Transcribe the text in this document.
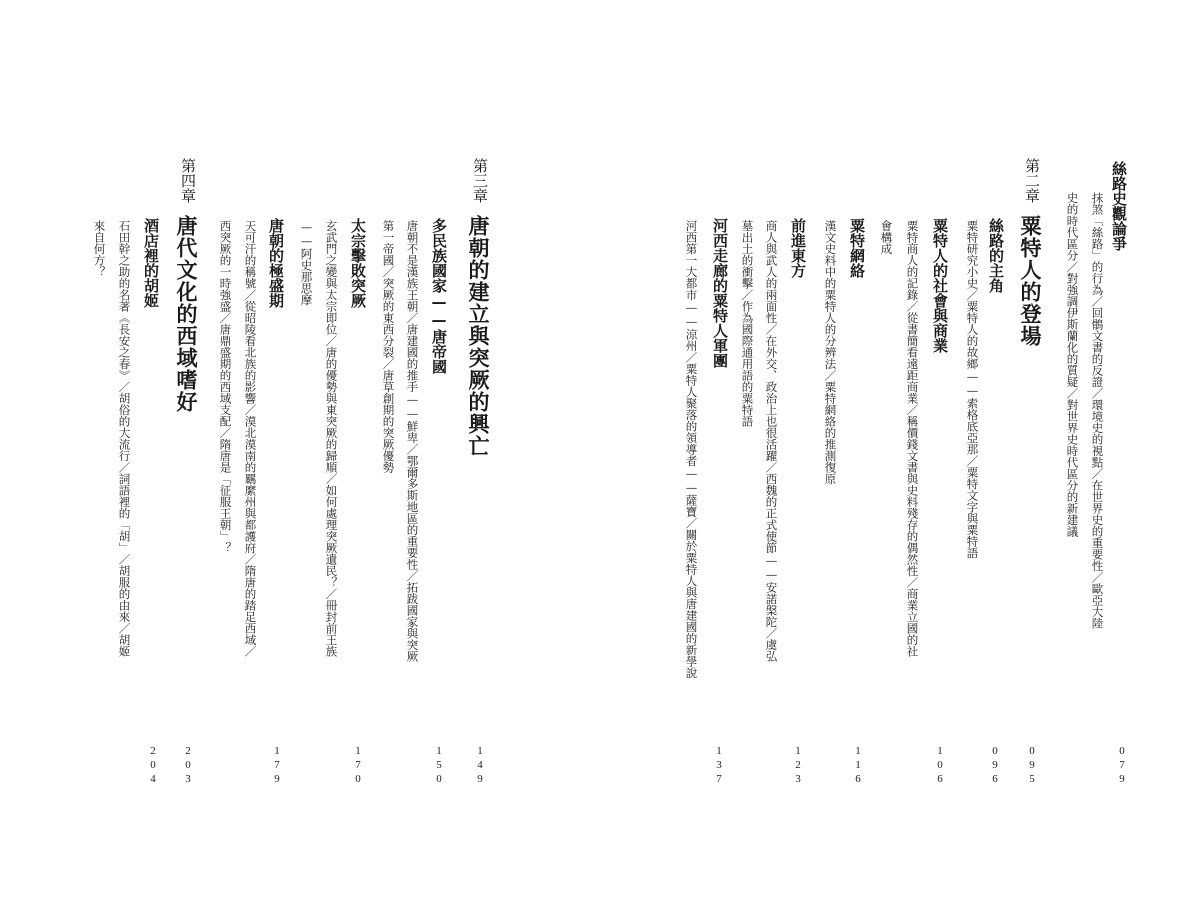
絲路史觀論爭
抹煞「絲路」的行為／回鶻文書的反證／環境史的視點／在世界史的重要性／歐亞大陸
史的時代區分／對強調伊斯蘭化的質疑／對世界史時代區分的新建議
079
第二章
粟特人的登場
095
絲路的主角
粟特研究小史／粟特人的故鄉——索格底亞那／粟特文字與粟特語
096
粟特人的社會與商業
粟特商人的記錄／從書簡看遠距商業／稱價錢文書與史料殘存的偶然性／商業立國的社
會構成
106
粟特網絡
漢文史料中的粟特人的分辨法／粟特網絡的推測復原
116
前進東方
商人與武人的兩面性／在外交、政治上也很活躍／西魏的正式使節——安諾槃陀／虞弘
墓出土的衝擊／作為國際通用語的粟特語
123
河西走廊的粟特人軍團
河西第一大都市——涼州／粟特人聚落的領導者——薩寶／關於粟特人與唐建國的新學說
137
第三章
唐朝的建立與突厥的興亡
149
多民族國家——唐帝國
唐朝不是漢族王朝／唐建國的推手——鮮卑／鄂爾多斯地區的重要性／拓跋國家與突厥
第一帝國／突厥的東西分裂／唐草創期的突厥優勢
150
太宗擊敗突厥
玄武門之變與太宗即位／唐的優勢與東突厥的歸順／如何處理突厥遺民？／冊封前王族
——阿史那思摩
170
唐朝的極盛期
天可汗的稱號／從昭陵看北族的影響／漠北漠南的羈縻州與都護府／隋唐的踏足西域／
西突厥的一時強盛／唐鼎盛期的西域支配／隋唐是「征服王朝」？
179
第四章
唐代文化的西域嗜好
203
酒店裡的胡姬
石田幹之助的名著《長安之春》／胡俗的大流行／詞語裡的「胡」／胡服的由來／胡姬
來自何方？
204
